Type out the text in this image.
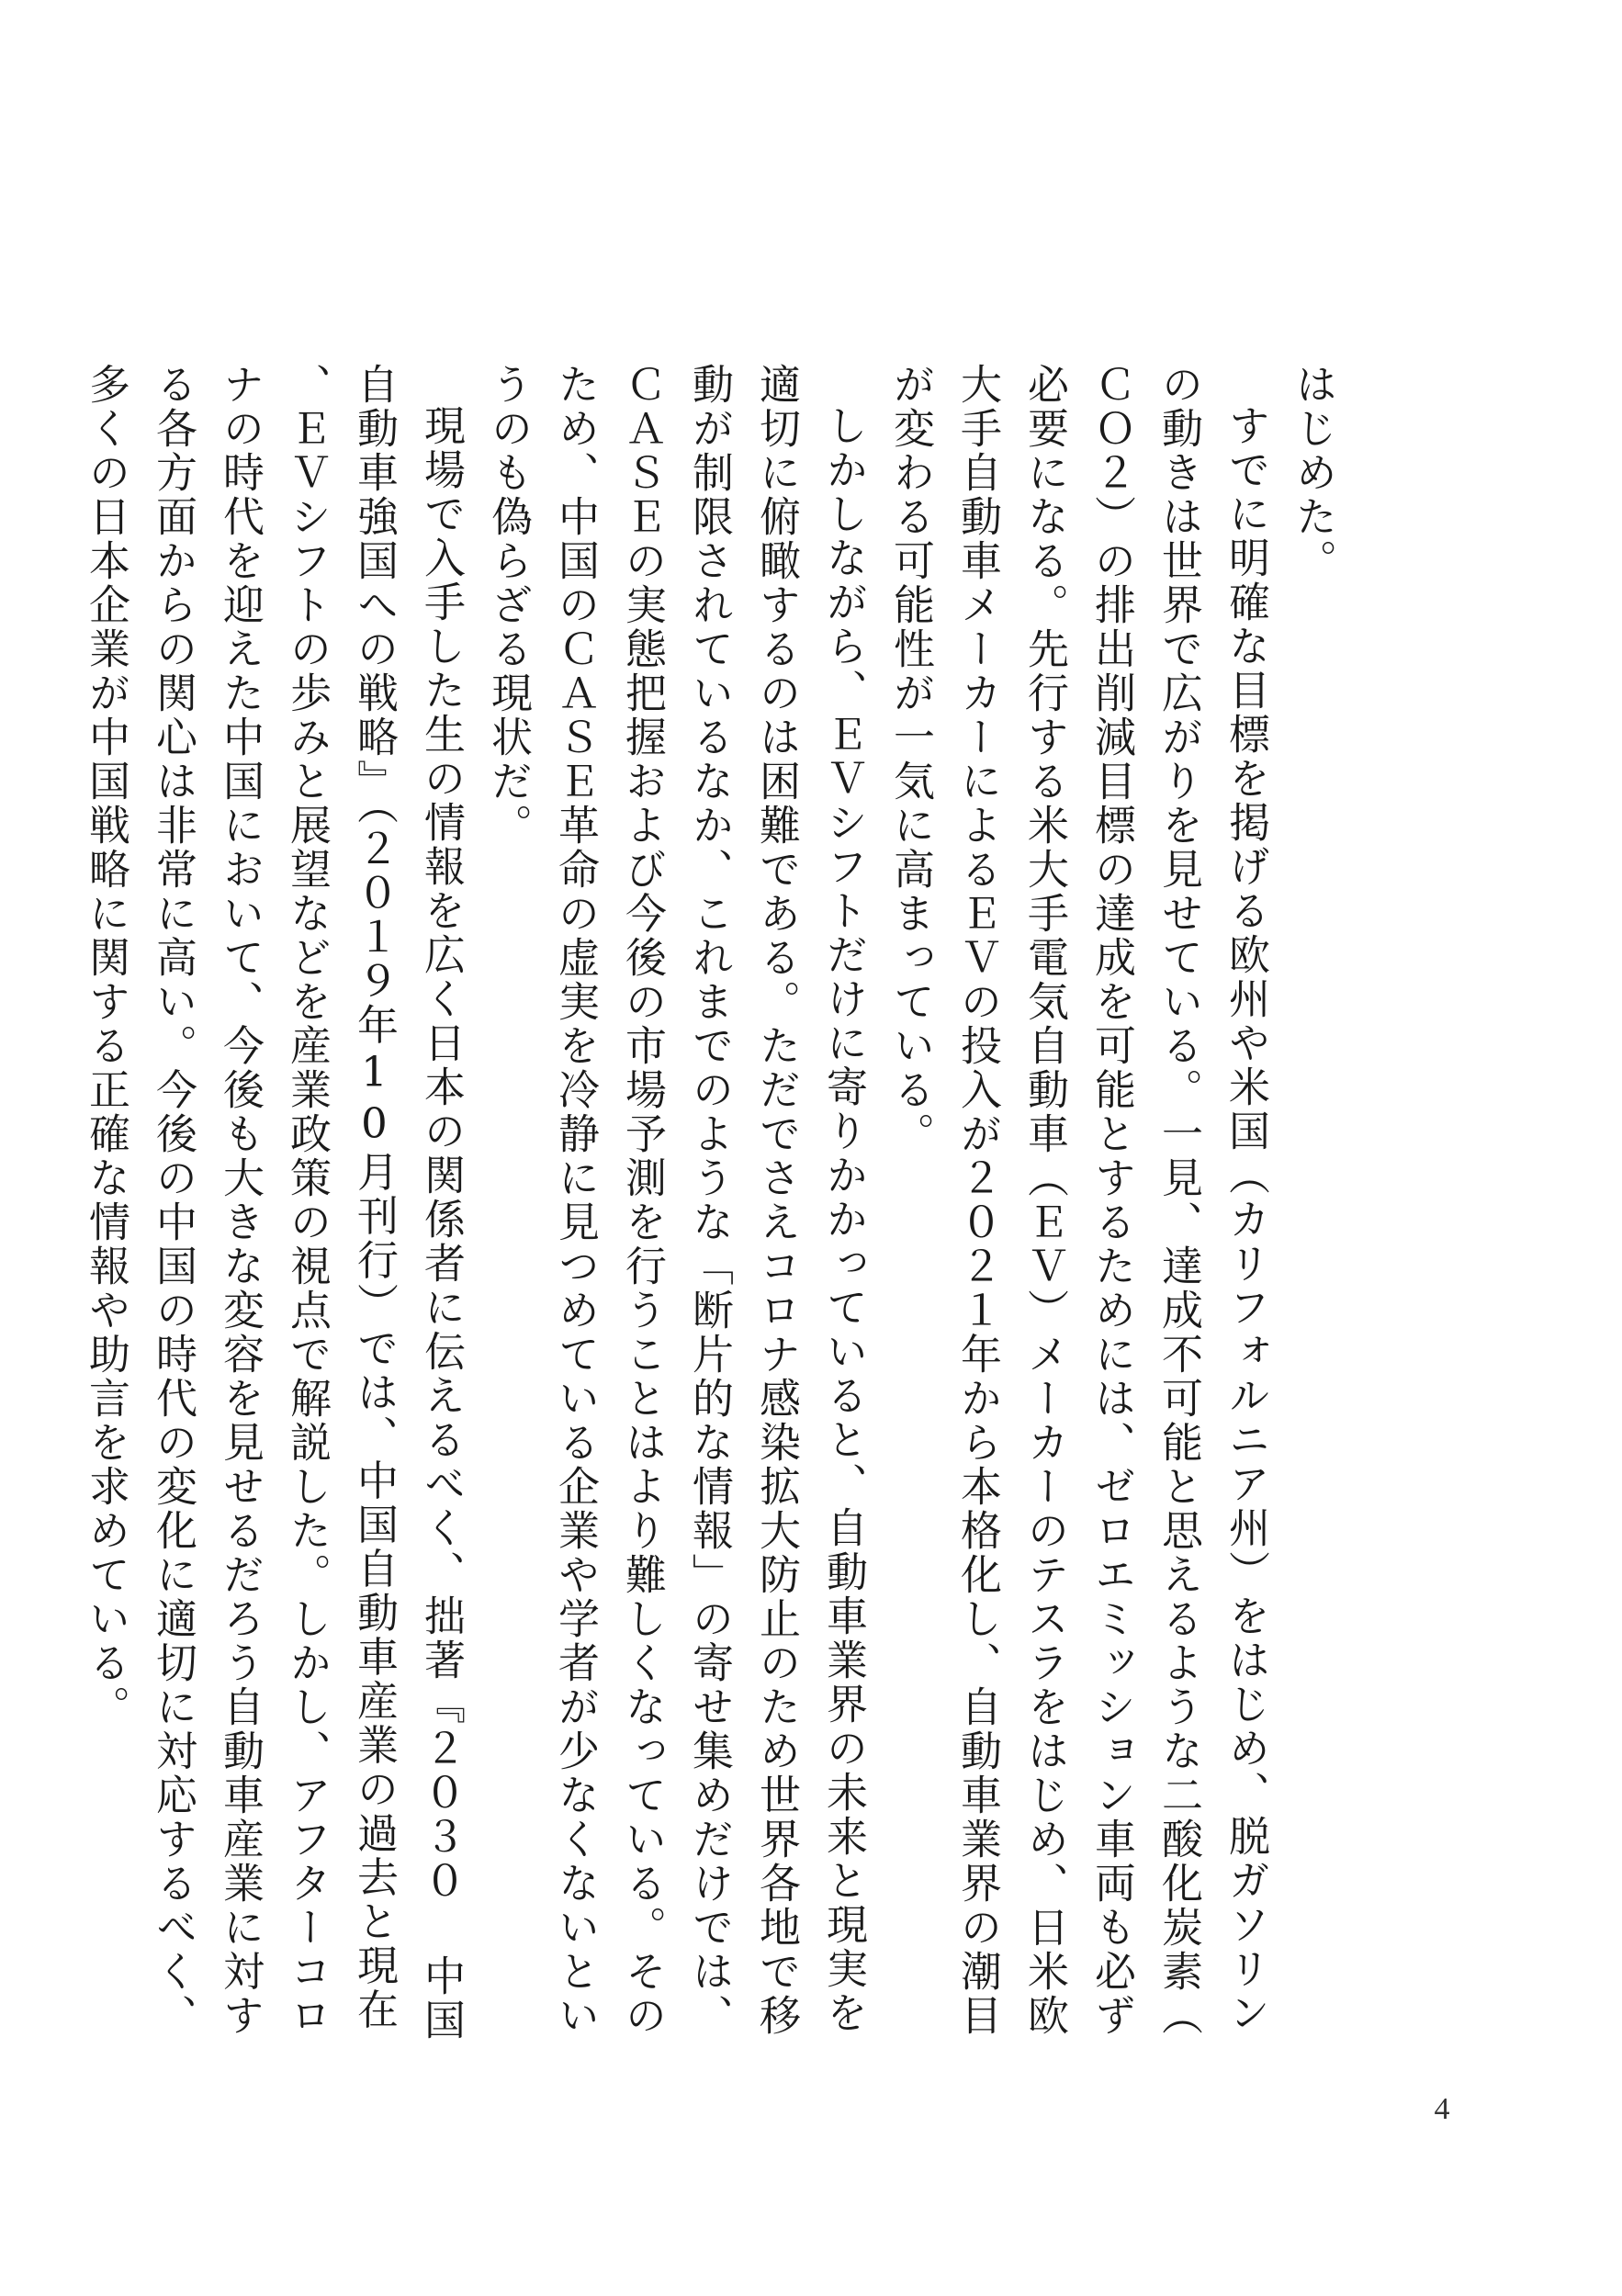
はじめた。

すでに明確な目標を掲げる欧州や米国（カリフォルニア州）をはじめ、脱ガソリンの動きは世界で広がりを見せている。一見、達成不可能と思えるような二酸化炭素（ＣＯ２）の排出削減目標の達成を可能とするためには、ゼロエミッション車両も必ず必要になる。先行する米大手電気自動車（ＥＶ）メーカーのテスラをはじめ、日米欧大手自動車メーカーによるＥＶの投入が２０２１年から本格化し、自動車業界の潮目が変わる可能性が一気に高まっている。

しかしながら、ＥＶシフトだけに寄りかかっていると、自動車業界の未来と現実を適切に俯瞰するのは困難である。ただでさえコロナ感染拡大防止のため世界各地で移動が制限されているなか、これまでのような「断片的な情報」の寄せ集めだけでは、ＣＡＳＥの実態把握および今後の市場予測を行うことはより難しくなっている。そのため、中国のＣＡＳＥ革命の虚実を冷静に見つめている企業や学者が少なくないというのも偽らざる現状だ。

現場で入手した生の情報を広く日本の関係者に伝えるべく、拙著『２０３０ 中国自動車強国への戦略』（２０１９年10月刊行）では、中国自動車産業の過去と現在、ＥＶシフトの歩みと展望などを産業政策の視点で解説した。しかし、アフターコロナの時代を迎えた中国において、今後も大きな変容を見せるだろう自動車産業に対する各方面からの関心は非常に高い。今後の中国の時代の変化に適切に対応するべく、多くの日本企業が中国戦略に関する正確な情報や助言を求めている。

4
